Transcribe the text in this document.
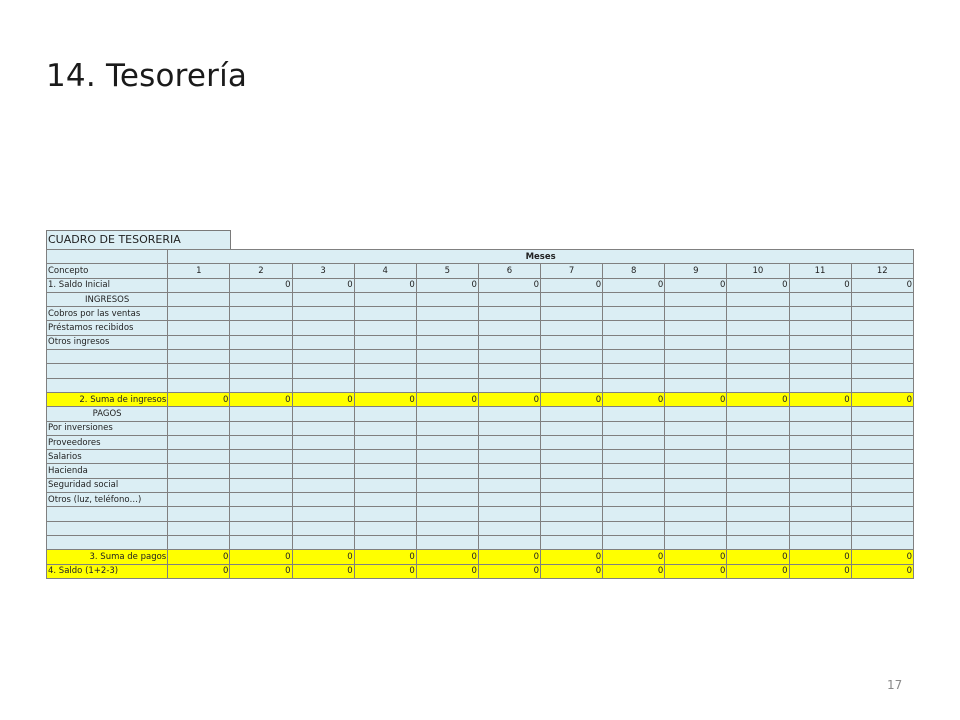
14. Tesorería
CUADRO DE TESORERIA
	Meses											
Concepto	1	2	3	4	5	6	7	8	9	10	11	12
1. Saldo Inicial		0	0	0	0	0	0	0	0	0	0	0
INGRESOS												
Cobros por las ventas												
Préstamos recibidos												
Otros ingresos												

2. Suma de ingresos	0	0	0	0	0	0	0	0	0	0	0	0
PAGOS												
Por inversiones												
Proveedores												
Salarios												
Hacienda												
Seguridad social												
Otros (luz, teléfono…)												

3. Suma de pagos	0	0	0	0	0	0	0	0	0	0	0	0
4. Saldo (1+2-3)	0	0	0	0	0	0	0	0	0	0	0	0
17
